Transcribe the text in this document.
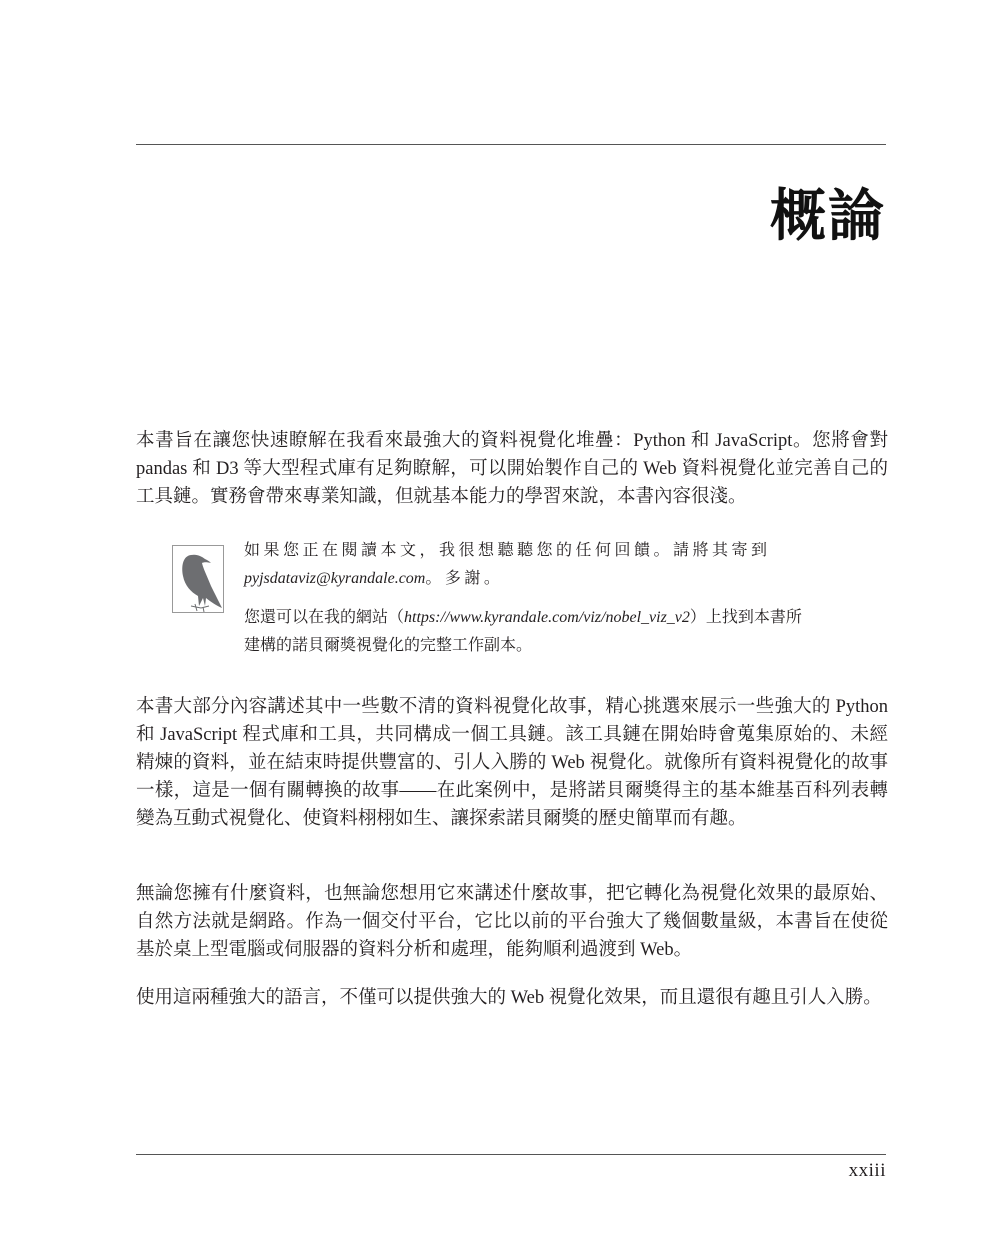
概論

本書旨在讓您快速瞭解在我看來最強大的資料視覺化堆疊：Python 和 JavaScript。您將會對 pandas 和 D3 等大型程式庫有足夠瞭解，可以開始製作自己的 Web 資料視覺化並完善自己的工具鏈。實務會帶來專業知識，但就基本能力的學習來說，本書內容很淺。

如果您正在閱讀本文，我很想聽聽您的任何回饋。請將其寄到
pyjsdataviz@kyrandale.com。多謝。

您還可以在我的網站（https://www.kyrandale.com/viz/nobel_viz_v2）上找到本書所建構的諾貝爾獎視覺化的完整工作副本。

本書大部分內容講述其中一些數不清的資料視覺化故事，精心挑選來展示一些強大的 Python 和 JavaScript 程式庫和工具，共同構成一個工具鏈。該工具鏈在開始時會蒐集原始的、未經精煉的資料，並在結束時提供豐富的、引人入勝的 Web 視覺化。就像所有資料視覺化的故事一樣，這是一個有關轉換的故事——在此案例中，是將諾貝爾獎得主的基本維基百科列表轉變為互動式視覺化、使資料栩栩如生、讓探索諾貝爾獎的歷史簡單而有趣。

無論您擁有什麼資料，也無論您想用它來講述什麼故事，把它轉化為視覺化效果的最原始、自然方法就是網路。作為一個交付平台，它比以前的平台強大了幾個數量級，本書旨在使從基於桌上型電腦或伺服器的資料分析和處理，能夠順利過渡到 Web。

使用這兩種強大的語言，不僅可以提供強大的 Web 視覺化效果，而且還很有趣且引人入勝。

xxiii
